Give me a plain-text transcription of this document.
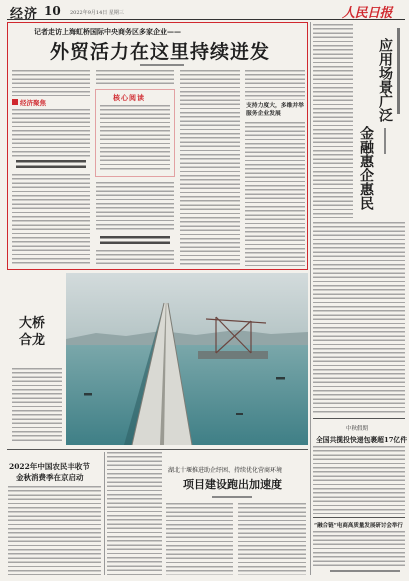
经济 10 2022年9月14日 星期三	人民日报
记者走访上海虹桥国际中央商务区多家企业——
外贸活力在这里持续迸发
经济聚焦
核心阅读
支持力度大，多维并举服务企业发展	应用场景广泛
金融惠企惠民
大桥合龙
2022年中国农民丰收节
金秋消费季在京启动
湖北十堰推进助企纾困、持续优化营商环境
项目建设跑出加速度
中秋假期
全国共揽投快递包裹超17亿件
“融合链”电商高质量发展研讨会举行
